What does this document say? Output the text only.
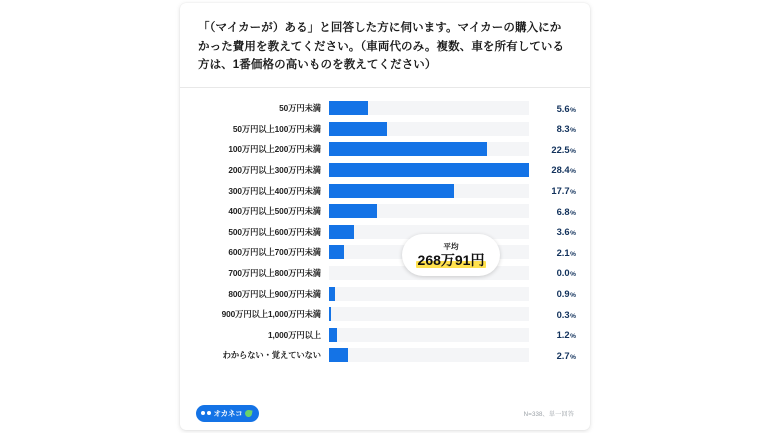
「（マイカーが）ある」と回答した方に伺います。マイカーの購入にかかった費用を教えてください。（車両代のみ。複数、車を所有している方は、1番価格の高いものを教えてください）

50万円未満	5.6%
50万円以上100万円未満	8.3%
100万円以上200万円未満	22.5%
200万円以上300万円未満	28.4%
300万円以上400万円未満	17.7%
400万円以上500万円未満	6.8%
500万円以上600万円未満	3.6%
600万円以上700万円未満	2.1%
700万円以上800万円未満	0.0%
800万円以上900万円未満	0.9%
900万円以上1,000万円未満	0.3%
1,000万円以上	1.2%
わからない・覚えていない	2.7%
平均
268万91円
オカネコ	N=338、単一回答
